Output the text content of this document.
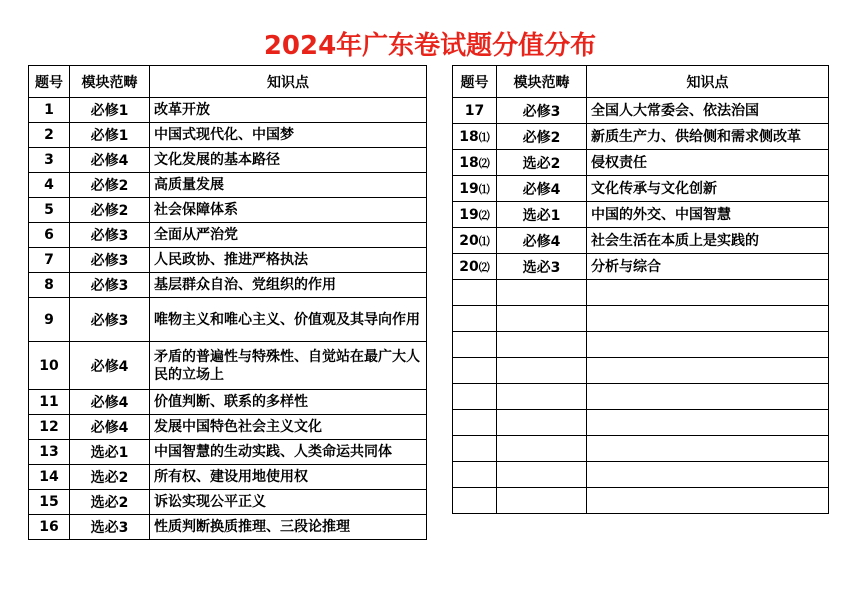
2024年广东卷试题分值分布
题号	模块范畴	知识点
1	必修1	改革开放
2	必修1	中国式现代化、中国梦
3	必修4	文化发展的基本路径
4	必修2	高质量发展
5	必修2	社会保障体系
6	必修3	全面从严治党
7	必修3	人民政协、推进严格执法
8	必修3	基层群众自治、党组织的作用
9	必修3	唯物主义和唯心主义、价值观及其导向作用
10	必修4	矛盾的普遍性与特殊性、自觉站在最广大人民的立场上
11	必修4	价值判断、联系的多样性
12	必修4	发展中国特色社会主义文化
13	选必1	中国智慧的生动实践、人类命运共同体
14	选必2	所有权、建设用地使用权
15	选必2	诉讼实现公平正义
16	选必3	性质判断换质推理、三段论推理
题号	模块范畴	知识点
17	必修3	全国人大常委会、依法治国
18⑴	必修2	新质生产力、供给侧和需求侧改革
18⑵	选必2	侵权责任
19⑴	必修4	文化传承与文化创新
19⑵	选必1	中国的外交、中国智慧
20⑴	必修4	社会生活在本质上是实践的
20⑵	选必3	分析与综合
